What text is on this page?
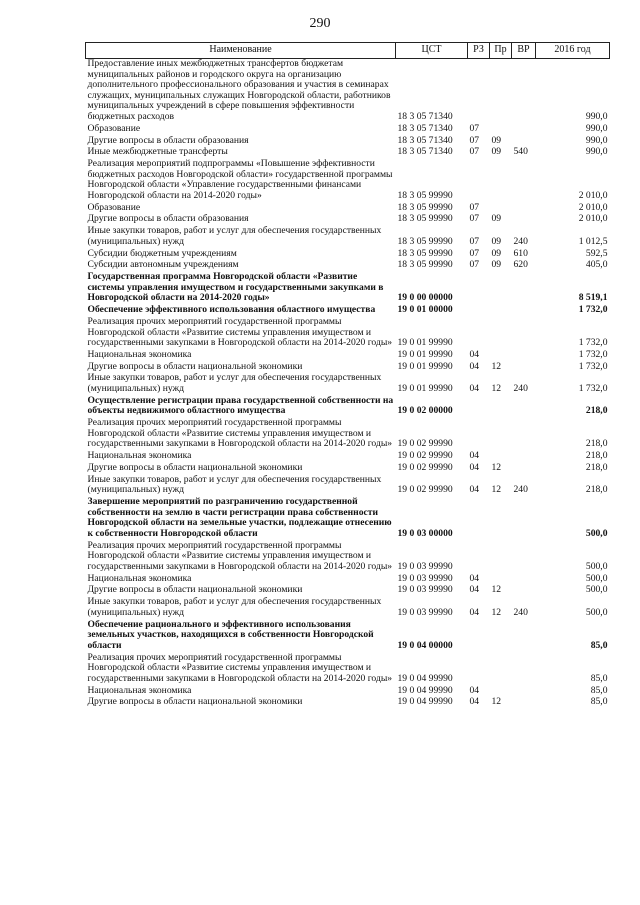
290
Наименование	ЦСТ	РЗ	Пр	ВР	2016 год
Предоставление иных межбюджетных трансфертов бюджетам муниципальных районов и городского округа на организацию дополнительного профессионального образования и участия в семинарах служащих, муниципальных служащих Новгородской области, работников муниципальных учреждений в сфере повышения эффективности бюджетных расходов	18 3 05 71340				990,0
Образование	18 3 05 71340	07			990,0
Другие вопросы в области образования	18 3 05 71340	07	09		990,0
Иные межбюджетные трансферты	18 3 05 71340	07	09	540	990,0
Реализация мероприятий подпрограммы «Повышение эффективности бюджетных расходов Новгородской области» государственной программы Новгородской области «Управление государственными финансами Новгородской области на 2014-2020 годы»	18 3 05 99990				2 010,0
Образование	18 3 05 99990	07			2 010,0
Другие вопросы в области образования	18 3 05 99990	07	09		2 010,0
Иные закупки товаров, работ и услуг для обеспечения государственных (муниципальных) нужд	18 3 05 99990	07	09	240	1 012,5
Субсидии бюджетным учреждениям	18 3 05 99990	07	09	610	592,5
Субсидии автономным учреждениям	18 3 05 99990	07	09	620	405,0
Государственная программа Новгородской области «Развитие системы управления имуществом и государственными закупками в Новгородской области на 2014-2020 годы»	19 0 00 00000				8 519,1
Обеспечение эффективного использования областного имущества	19 0 01 00000				1 732,0
Реализация прочих мероприятий государственной программы Новгородской области «Развитие системы управления имуществом и государственными закупками в Новгородской области на 2014-2020 годы»	19 0 01 99990				1 732,0
Национальная экономика	19 0 01 99990	04			1 732,0
Другие вопросы в области национальной экономики	19 0 01 99990	04	12		1 732,0
Иные закупки товаров, работ и услуг для обеспечения государственных (муниципальных) нужд	19 0 01 99990	04	12	240	1 732,0
Осуществление регистрации права государственной собственности на объекты недвижимого областного имущества	19 0 02 00000				218,0
Реализация прочих мероприятий государственной программы Новгородской области «Развитие системы управления имуществом и государственными закупками в Новгородской области на 2014-2020 годы»	19 0 02 99990				218,0
Национальная экономика	19 0 02 99990	04			218,0
Другие вопросы в области национальной экономики	19 0 02 99990	04	12		218,0
Иные закупки товаров, работ и услуг для обеспечения государственных (муниципальных) нужд	19 0 02 99990	04	12	240	218,0
Завершение мероприятий по разграничению государственной собственности на землю в части регистрации права собственности Новгородской области на земельные участки, подлежащие отнесению к собственности Новгородской области	19 0 03 00000				500,0
Реализация прочих мероприятий государственной программы Новгородской области «Развитие системы управления имуществом и государственными закупками в Новгородской области на 2014-2020 годы»	19 0 03 99990				500,0
Национальная экономика	19 0 03 99990	04			500,0
Другие вопросы в области национальной экономики	19 0 03 99990	04	12		500,0
Иные закупки товаров, работ и услуг для обеспечения государственных (муниципальных) нужд	19 0 03 99990	04	12	240	500,0
Обеспечение рационального и эффективного использования земельных участков, находящихся в собственности Новгородской области	19 0 04 00000				85,0
Реализация прочих мероприятий государственной программы Новгородской области «Развитие системы управления имуществом и государственными закупками в Новгородской области на 2014-2020 годы»	19 0 04 99990				85,0
Национальная экономика	19 0 04 99990	04			85,0
Другие вопросы в области национальной экономики	19 0 04 99990	04	12		85,0
